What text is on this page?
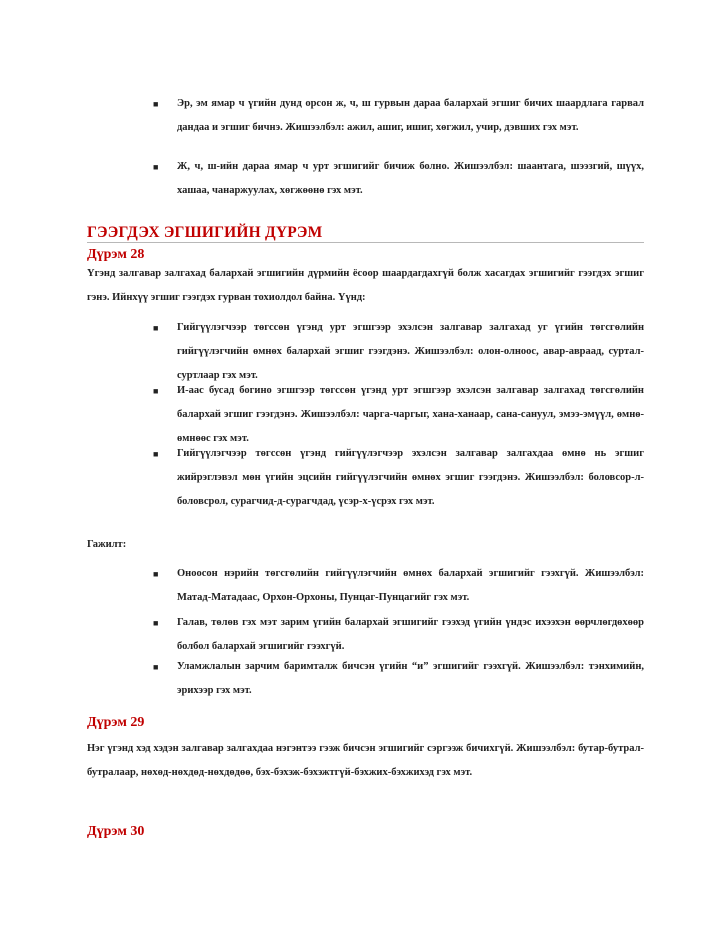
■ Эр, эм ямар ч үгийн дунд орсон ж, ч, ш гурвын дараа балархай эгшиг бичих шаардлага гарвал дандаа и эгшиг бичнэ. Жишээлбэл: ажил, ашиг, ишиг, хөгжил, учир, дэвших гэх мэт.
■ Ж, ч, ш-ийн дараа ямар ч урт эгшигийг бичиж болно. Жишээлбэл: шаантага, шээзгий, шүүх, хашаа, чанаржуулах, хөгжөөнө гэх мэт.
ГЭЭГДЭХ ЭГШИГИЙН ДҮРЭМ
Дүрэм 28
Үгэнд залгавар залгахад балархай эгшигийн дүрмийн ёсоор шаардагдахгүй болж хасагдах эгшигийг гээгдэх эгшиг гэнэ. Ийнхүү эгшиг гээгдэх гурван тохиолдол байна. Үүнд:
■ Гийгүүлэгчээр төгссөн үгэнд урт эгшгээр эхэлсэн залгавар залгахад уг үгийн төгсгөлийн гийгүүлэгчийн өмнөх балархай эгшиг гээгдэнэ. Жишээлбэл: олон-олноос, авар-авраад, суртал-суртлаар гэх мэт.
■ И-аас бусад богино эгшгээр төгссөн үгэнд урт эгшгээр эхэлсэн залгавар залгахад төгсгөлийн балархай эгшиг гээгдэнэ. Жишээлбэл: чарга-чаргыг, хана-ханаар, сана-сануул, эмээ-эмүүл, өмнө-өмнөөс гэх мэт.
■ Гийгүүлэгчээр төгссөн үгэнд гийгүүлэгчээр эхэлсэн залгавар залгахдаа өмнө нь эгшиг жийрэглэвэл мөн үгийн эцсийн гийгүүлэгчийн өмнөх эгшиг гээгдэнэ. Жишээлбэл: боловсор-л-боловсрол, сурагчид-д-сурагчдад, үсэр-х-үсрэх гэх мэт.
Гажилт:
■ Оноосон нэрийн төгсгөлийн гийгүүлэгчийн өмнөх балархай эгшигийг гээхгүй. Жишээлбэл: Матад-Матадаас, Орхон-Орхоны, Пунцаг-Пунцагийг гэх мэт.
■ Галав, төлөв гэх мэт зарим үгийн балархай эгшигийг гээхэд үгийн үндэс ихээхэн өөрчлөгдөхөөр болбол балархай эгшигийг гээхгүй.
■ Уламжлалын зарчим баримталж бичсэн үгийн “и” эгшигийг гээхгүй. Жишээлбэл: тэнхимийн, эрихээр гэх мэт.
Дүрэм 29
Нэг үгэнд хэд хэдэн залгавар залгахдаа нэгэнтээ гээж бичсэн эгшигийг сэргээж бичихгүй. Жишээлбэл: бутар-бутрал-бутралаар, нөхөд-нөхдөд-нөхдөдөө, бэх-бэхэж-бэхэжтгүй-бэхжих-бэхжихэд гэх мэт.
Дүрэм 30
